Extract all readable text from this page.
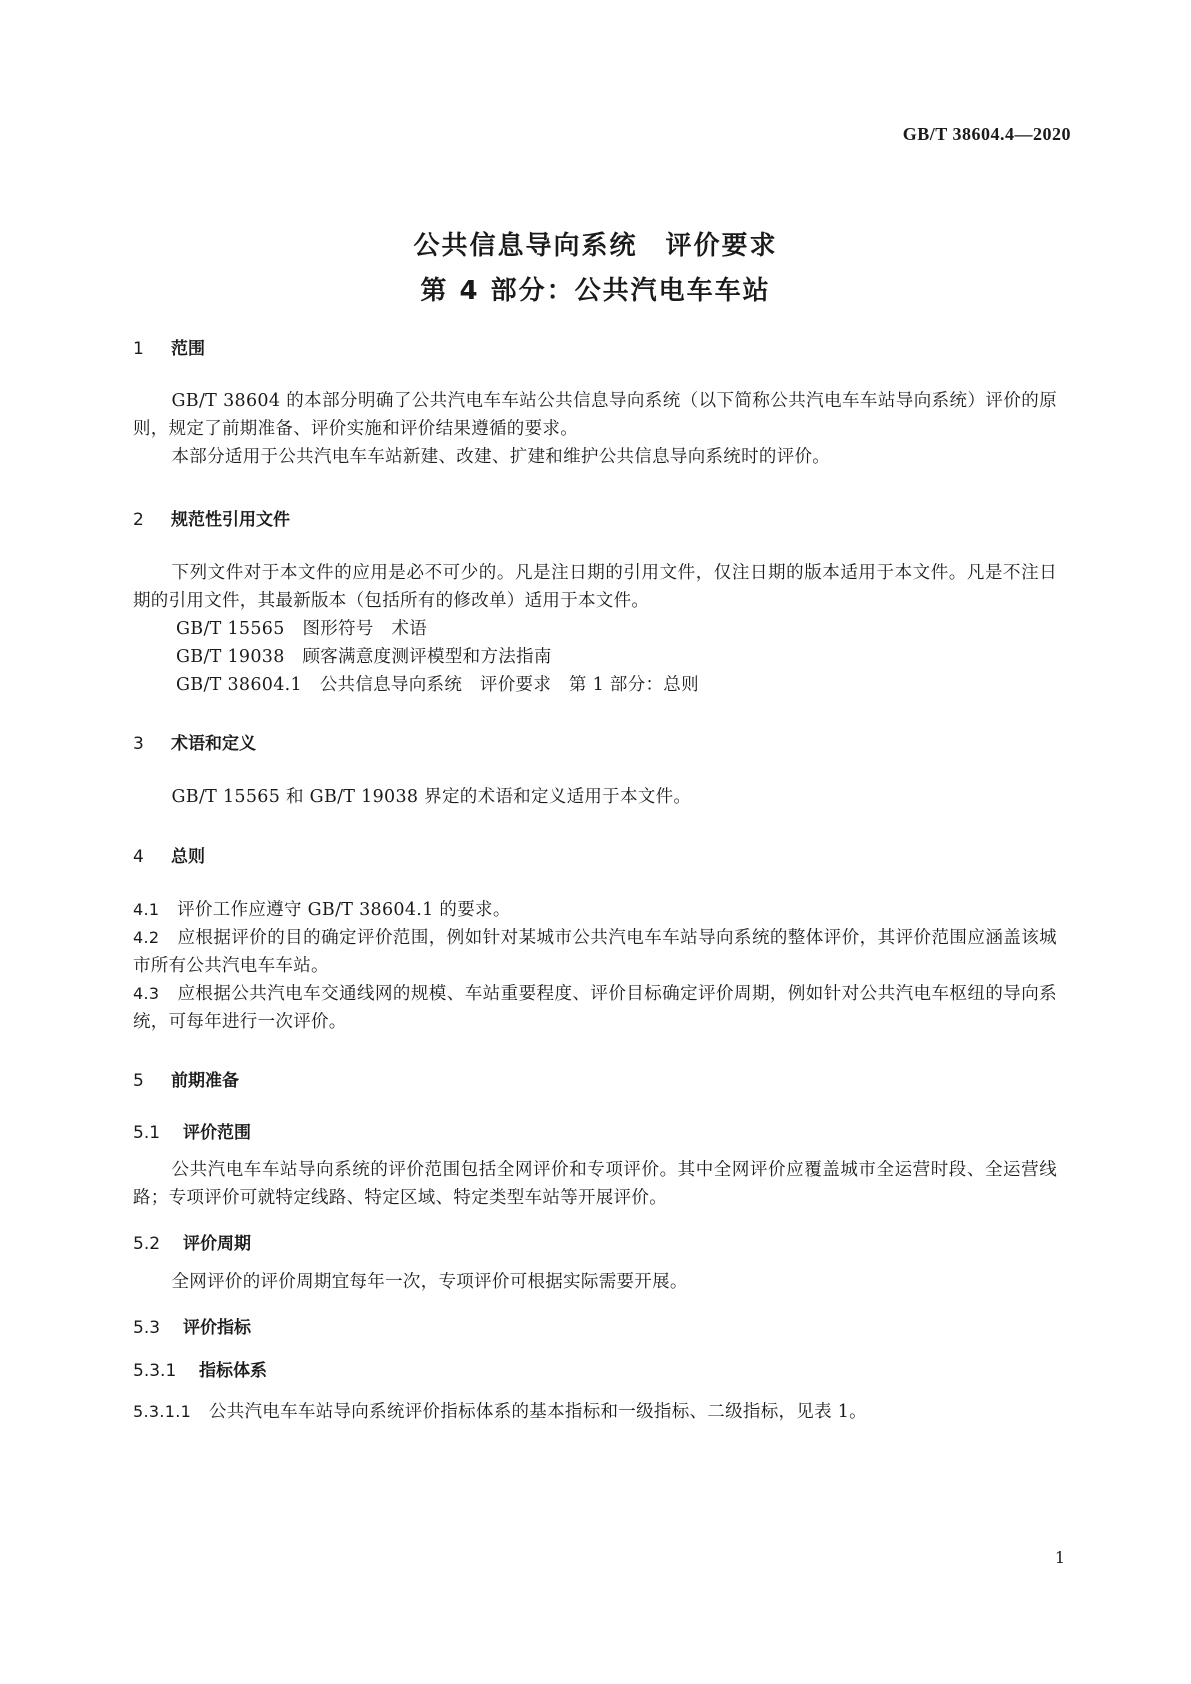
GB/T 38604.4—2020
公共信息导向系统　评价要求
第 4 部分：公共汽电车车站
1 范围
GB/T 38604 的本部分明确了公共汽电车车站公共信息导向系统（以下简称公共汽电车车站导向系统）评价的原则，规定了前期准备、评价实施和评价结果遵循的要求。
本部分适用于公共汽电车车站新建、改建、扩建和维护公共信息导向系统时的评价。
2 规范性引用文件
下列文件对于本文件的应用是必不可少的。凡是注日期的引用文件，仅注日期的版本适用于本文件。凡是不注日期的引用文件，其最新版本（包括所有的修改单）适用于本文件。
GB/T 15565　图形符号　术语
GB/T 19038　顾客满意度测评模型和方法指南
GB/T 38604.1　公共信息导向系统　评价要求　第 1 部分：总则
3 术语和定义
GB/T 15565 和 GB/T 19038 界定的术语和定义适用于本文件。
4 总则
4.1　 评价工作应遵守 GB/T 38604.1 的要求。
4.2　 应根据评价的目的确定评价范围，例如针对某城市公共汽电车车站导向系统的整体评价，其评价范围应涵盖该城市所有公共汽电车车站。
4.3　 应根据公共汽电车交通线网的规模、车站重要程度、评价目标确定评价周期，例如针对公共汽电车枢纽的导向系统，可每年进行一次评价。
5 前期准备
5.1 评价范围
公共汽电车车站导向系统的评价范围包括全网评价和专项评价。其中全网评价应覆盖城市全运营时段、全运营线路；专项评价可就特定线路、特定区域、特定类型车站等开展评价。
5.2 评价周期
全网评价的评价周期宜每年一次，专项评价可根据实际需要开展。
5.3 评价指标
5.3.1 指标体系
5.3.1.1　 公共汽电车车站导向系统评价指标体系的基本指标和一级指标、二级指标，见表 1。
1
